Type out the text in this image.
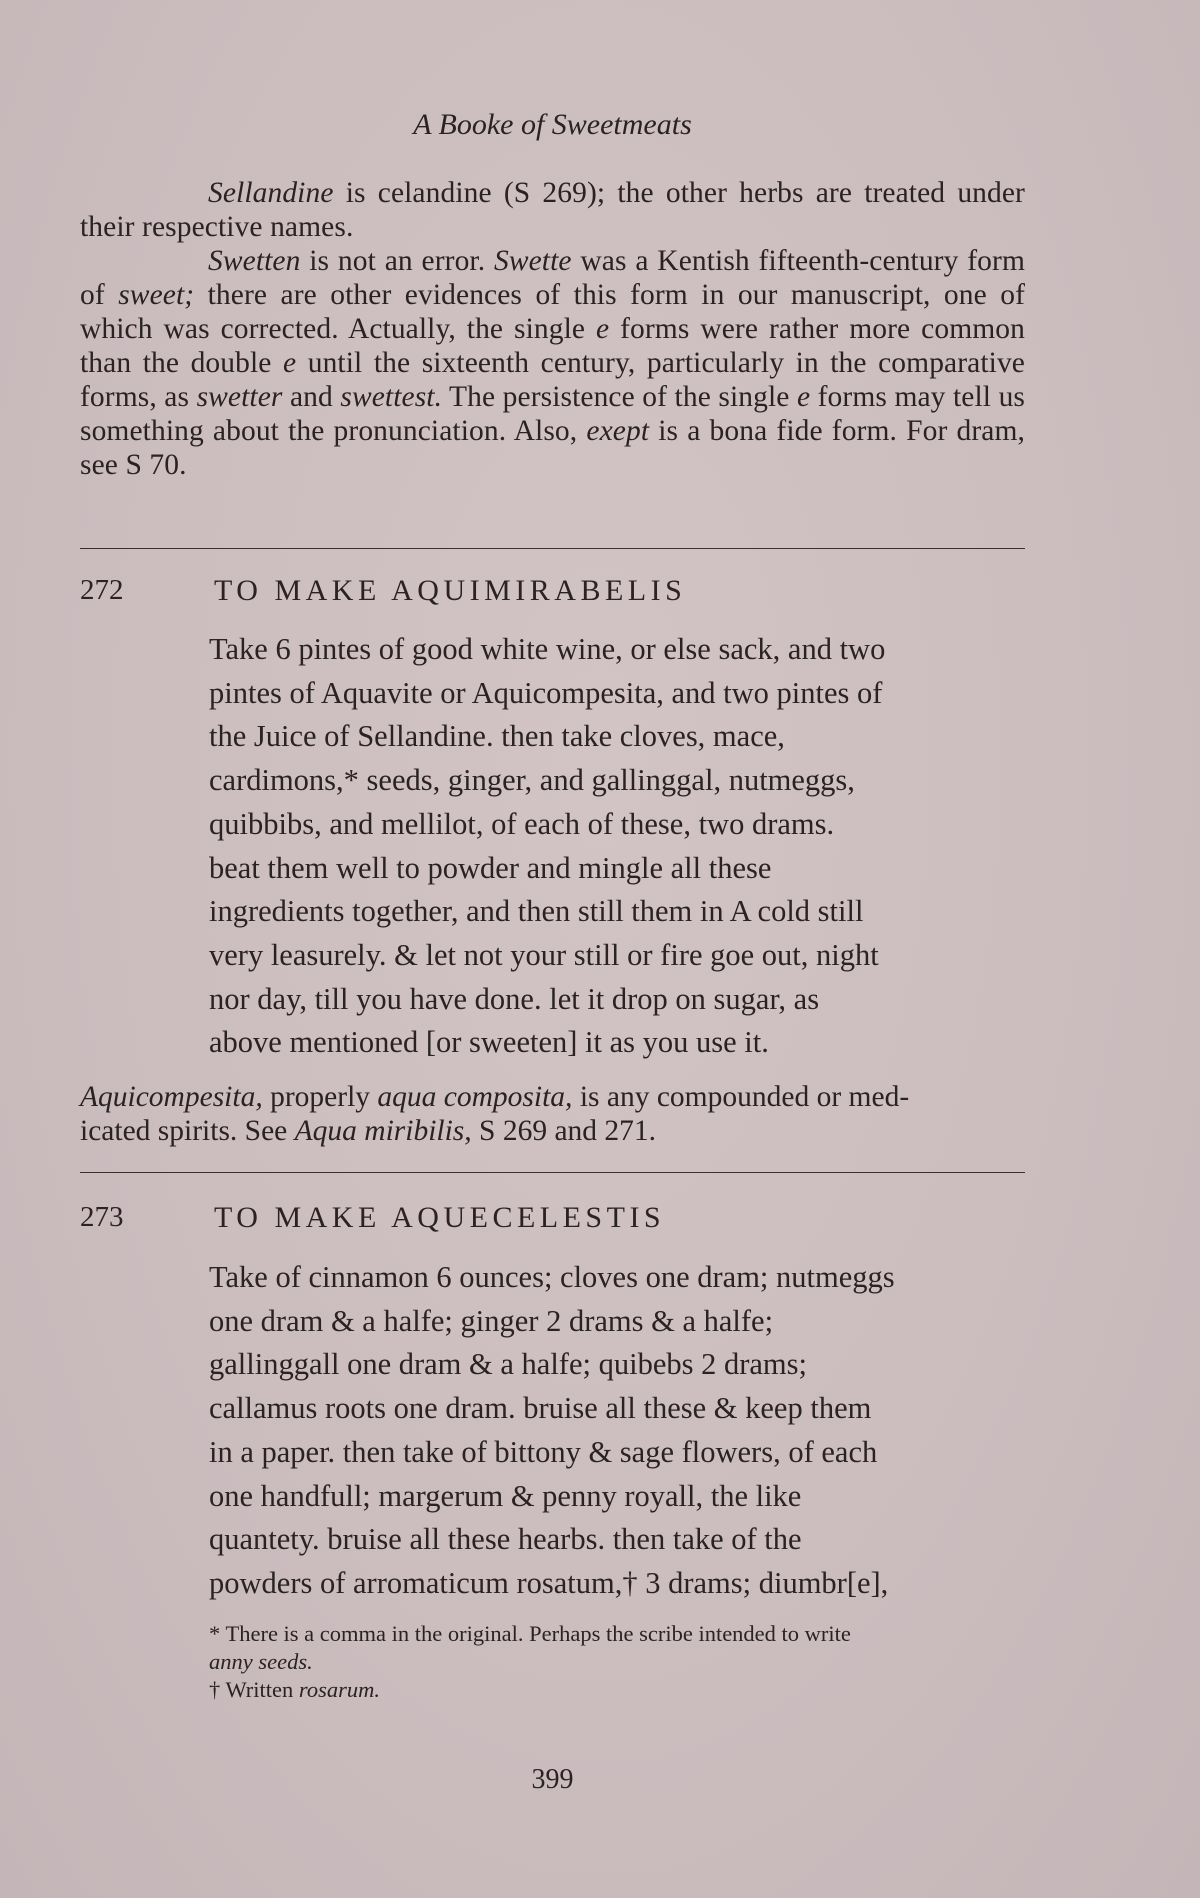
A Booke of Sweetmeats

Sellandine is celandine (S 269); the other herbs are treated under their respective names.

Swetten is not an error. Swette was a Kentish fifteenth-century form of sweet; there are other evidences of this form in our manuscript, one of which was corrected. Actually, the single e forms were rather more common than the double e until the sixteenth century, particularly in the comparative forms, as swetter and swettest. The persistence of the single e forms may tell us something about the pronunciation. Also, exept is a bona fide form. For dram, see S 70.

272	TO MAKE AQUIMIRABELIS
Take 6 pintes of good white wine, or else sack, and two
pintes of Aquavite or Aquicompesita, and two pintes of
the Juice of Sellandine. then take cloves, mace,
cardimons,* seeds, ginger, and gallinggal, nutmeggs,
quibbibs, and mellilot, of each of these, two drams.
beat them well to powder and mingle all these
ingredients together, and then still them in A cold still
very leasurely. & let not your still or fire goe out, night
nor day, till you have done. let it drop on sugar, as
above mentioned [or sweeten] it as you use it.
Aquicompesita, properly aqua composita, is any compounded or med-
icated spirits. See Aqua miribilis, S 269 and 271.
273	TO MAKE AQUECELESTIS
Take of cinnamon 6 ounces; cloves one dram; nutmeggs
one dram & a halfe; ginger 2 drams & a halfe;
gallinggall one dram & a halfe; quibebs 2 drams;
callamus roots one dram. bruise all these & keep them
in a paper. then take of bittony & sage flowers, of each
one handfull; margerum & penny royall, the like
quantety. bruise all these hearbs. then take of the
powders of arromaticum rosatum,† 3 drams; diumbr[e],
* There is a comma in the original. Perhaps the scribe intended to write
anny seeds.
† Written rosarum.
399
